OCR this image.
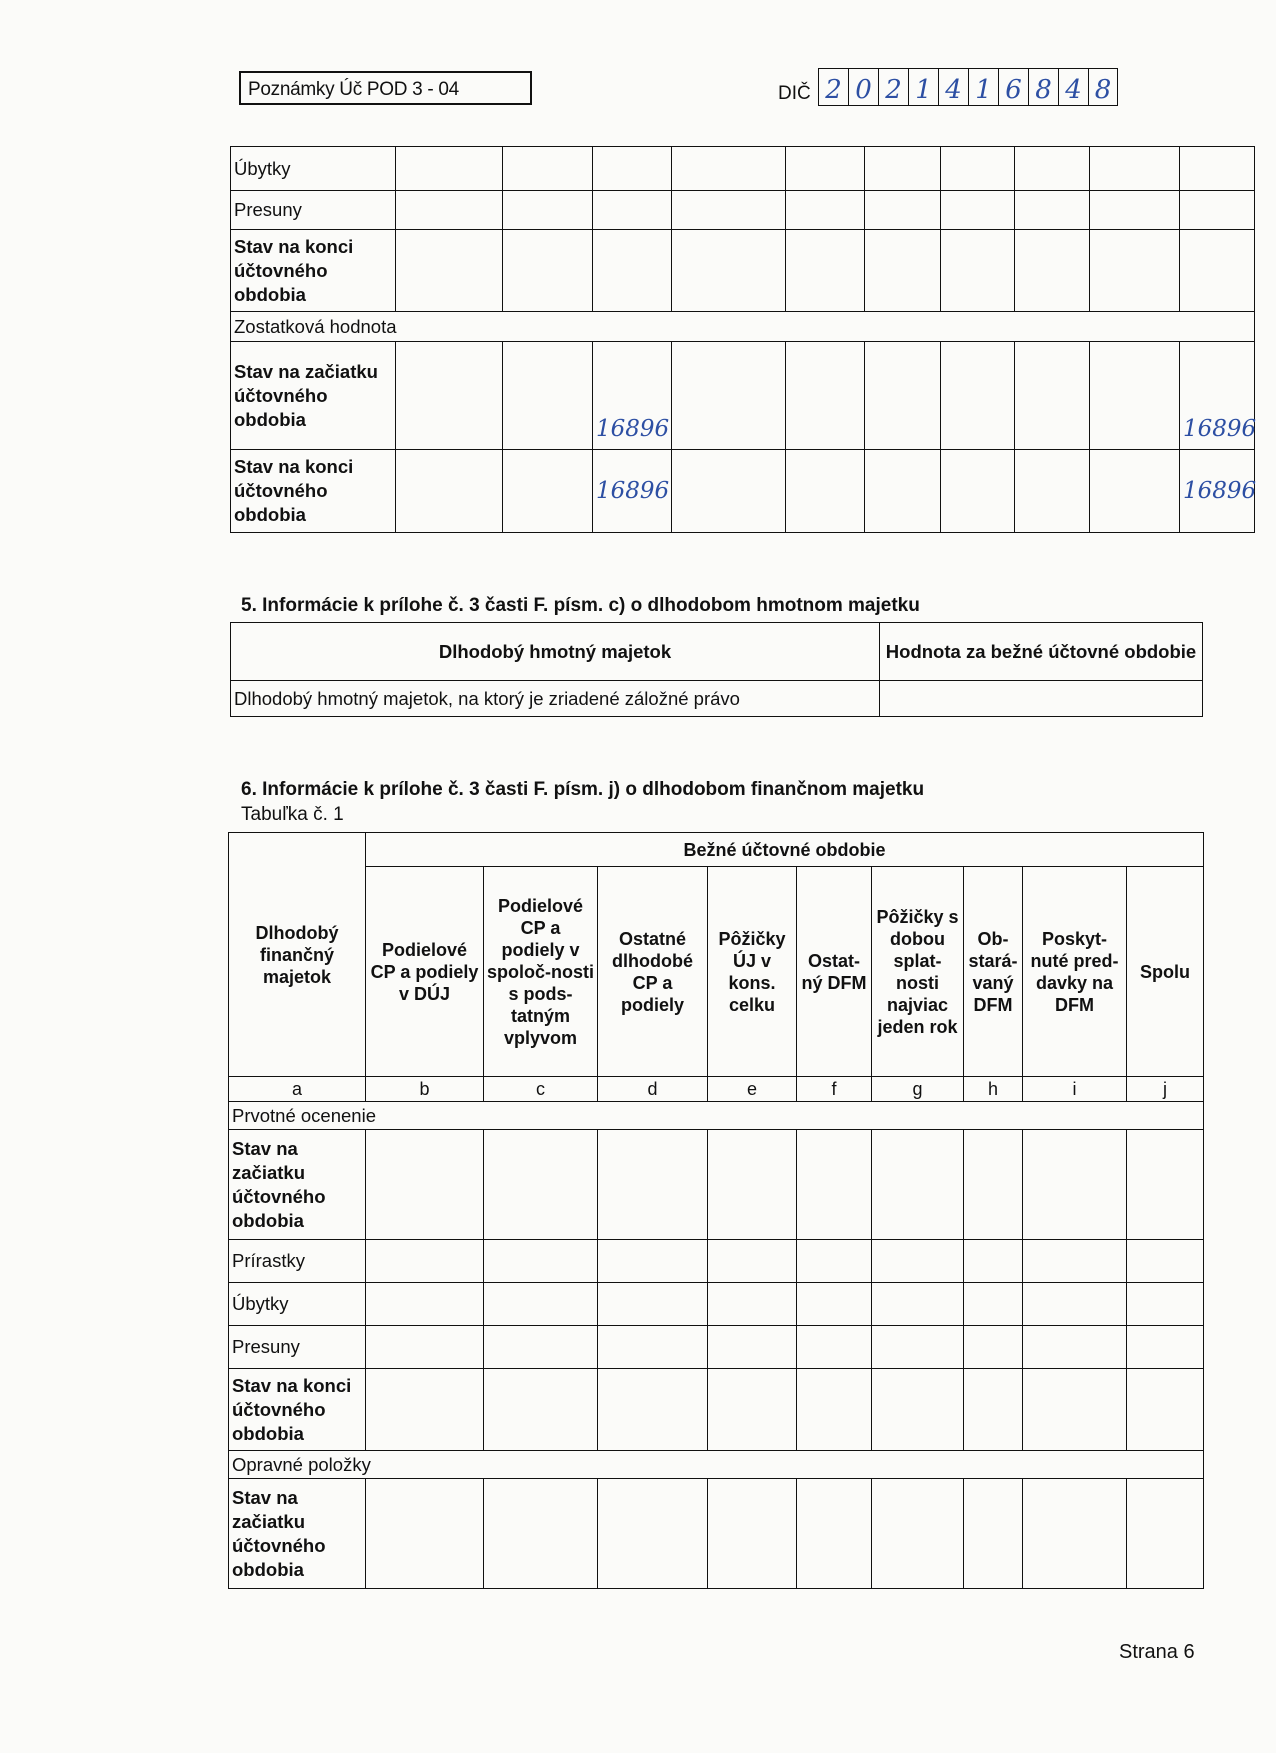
Poznámky Úč POD 3 - 04	DIČ 2 0 2 1 4 1 6 8 4 8
Úbytky										
Presuny										
Stav na konci účtovného obdobia										
Zostatková hodnota										
Stav na začiatku účtovného obdobia			16896							16896
Stav na konci účtovného obdobia			16896							16896
5. Informácie k prílohe č. 3 časti F. písm. c) o dlhodobom hmotnom majetku
Dlhodobý hmotný majetok	Hodnota za bežné účtovné obdobie
Dlhodobý hmotný majetok, na ktorý je zriadené záložné právo	
6. Informácie k prílohe č. 3 časti F. písm. j) o dlhodobom finančnom majetku
Tabuľka č. 1
Dlhodobý finančný majetok	Bežné účtovné obdobie								
	Podielové CP a podiely v DÚJ	Podielové CP a podiely v spoloč-nosti s pods-tatným vplyvom	Ostatné dlhodobé CP a podiely	Pôžičky ÚJ v kons. celku	Ostat-ný DFM	Pôžičky s dobou splat-nosti najviac jeden rok	Ob-stará-vaný DFM	Poskyt-nuté pred-davky na DFM	Spolu
a	b	c	d	e	f	g	h	i	j
Prvotné ocenenie									
Stav na začiatku účtovného obdobia									
Prírastky									
Úbytky									
Presuny									
Stav na konci účtovného obdobia									
Opravné položky									
Stav na začiatku účtovného obdobia									
Strana 6
